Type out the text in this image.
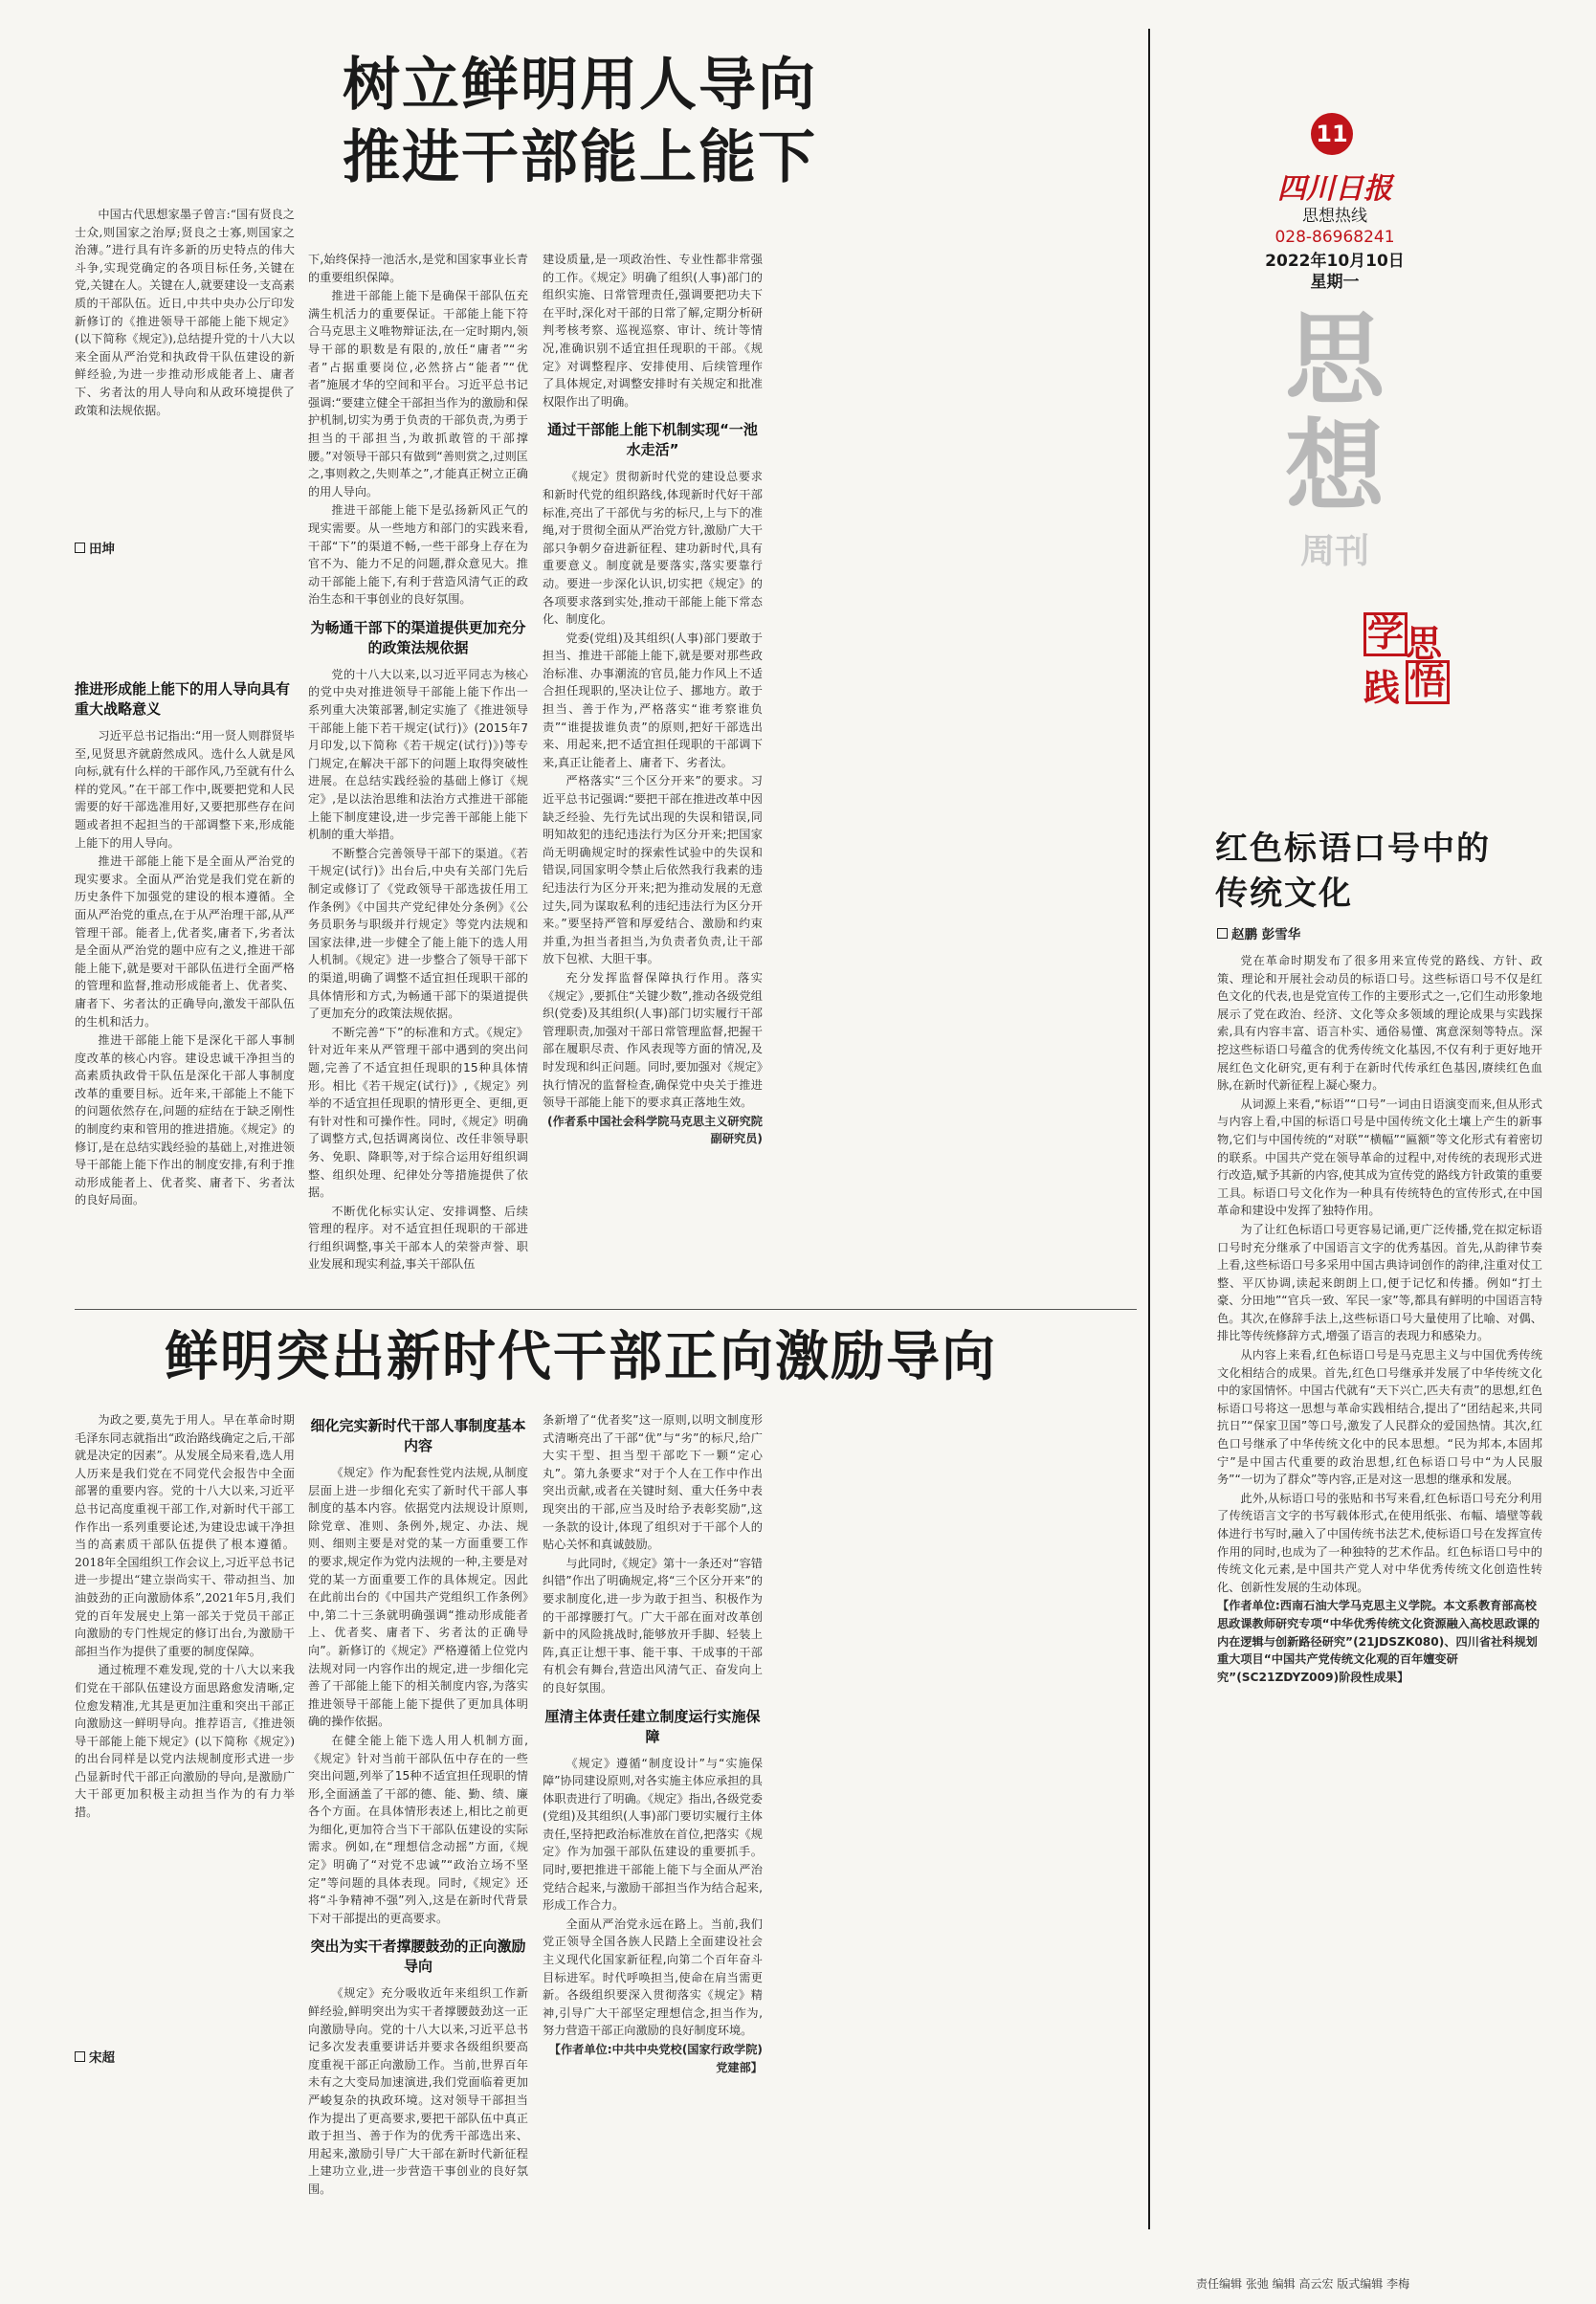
树立鲜明用人导向
推进干部能上能下

中国古代思想家墨子曾言:“国有贤良之士众,则国家之治厚;贤良之士寡,则国家之治薄。”进行具有许多新的历史特点的伟大斗争,实现党确定的各项目标任务,关键在党,关键在人。关键在人,就要建设一支高素质的干部队伍。近日,中共中央办公厅印发新修订的《推进领导干部能上能下规定》(以下简称《规定》),总结提升党的十八大以来全面从严治党和执政骨干队伍建设的新鲜经验,为进一步推动形成能者上、庸者下、劣者汰的用人导向和从政环境提供了政策和法规依据。

田坤
推进形成能上能下的用人导向具有重大战略意义

习近平总书记指出:“用一贤人则群贤毕至,见贤思齐就蔚然成风。选什么人就是风向标,就有什么样的干部作风,乃至就有什么样的党风。”在干部工作中,既要把党和人民需要的好干部选准用好,又要把那些存在问题或者担不起担当的干部调整下来,形成能上能下的用人导向。

推进干部能上能下是全面从严治党的现实要求。全面从严治党是我们党在新的历史条件下加强党的建设的根本遵循。全面从严治党的重点,在于从严治理干部,从严管理干部。能者上,优者奖,庸者下,劣者汰是全面从严治党的题中应有之义,推进干部能上能下,就是要对干部队伍进行全面严格的管理和监督,推动形成能者上、优者奖、庸者下、劣者汰的正确导向,激发干部队伍的生机和活力。

推进干部能上能下是深化干部人事制度改革的核心内容。建设忠诚干净担当的高素质执政骨干队伍是深化干部人事制度改革的重要目标。近年来,干部能上不能下的问题依然存在,问题的症结在于缺乏刚性的制度约束和管用的推进措施。《规定》的修订,是在总结实践经验的基础上,对推进领导干部能上能下作出的制度安排,有利于推动形成能者上、优者奖、庸者下、劣者汰的良好局面。

下,始终保持一池活水,是党和国家事业长青的重要组织保障。

推进干部能上能下是确保干部队伍充满生机活力的重要保证。干部能上能下符合马克思主义唯物辩证法,在一定时期内,领导干部的职数是有限的,放任“庸者”“劣者”占据重要岗位,必然挤占“能者”“优者”施展才华的空间和平台。习近平总书记强调:“要建立健全干部担当作为的激励和保护机制,切实为勇于负责的干部负责,为勇于担当的干部担当,为敢抓敢管的干部撑腰。”对领导干部只有做到“善则赏之,过则匡之,事则救之,失则革之”,才能真正树立正确的用人导向。

推进干部能上能下是弘扬新风正气的现实需要。从一些地方和部门的实践来看,干部“下”的渠道不畅,一些干部身上存在为官不为、能力不足的问题,群众意见大。推动干部能上能下,有利于营造风清气正的政治生态和干事创业的良好氛围。

为畅通干部下的渠道提供更加充分的政策法规依据

党的十八大以来,以习近平同志为核心的党中央对推进领导干部能上能下作出一系列重大决策部署,制定实施了《推进领导干部能上能下若干规定(试行)》(2015年7月印发,以下简称《若干规定(试行)》)等专门规定,在解决干部下的问题上取得突破性进展。在总结实践经验的基础上修订《规定》,是以法治思维和法治方式推进干部能上能下制度建设,进一步完善干部能上能下机制的重大举措。

不断整合完善领导干部下的渠道。《若干规定(试行)》出台后,中央有关部门先后制定或修订了《党政领导干部选拔任用工作条例》《中国共产党纪律处分条例》《公务员职务与职级并行规定》等党内法规和国家法律,进一步健全了能上能下的选人用人机制。《规定》进一步整合了领导干部下的渠道,明确了调整不适宜担任现职干部的具体情形和方式,为畅通干部下的渠道提供了更加充分的政策法规依据。

不断完善“下”的标准和方式。《规定》针对近年来从严管理干部中遇到的突出问题,完善了不适宜担任现职的15种具体情形。相比《若干规定(试行)》,《规定》列举的不适宜担任现职的情形更全、更细,更有针对性和可操作性。同时,《规定》明确了调整方式,包括调离岗位、改任非领导职务、免职、降职等,对于综合运用好组织调整、组织处理、纪律处分等措施提供了依据。

不断优化标实认定、安排调整、后续管理的程序。对不适宜担任现职的干部进行组织调整,事关干部本人的荣誉声誉、职业发展和现实利益,事关干部队伍

建设质量,是一项政治性、专业性都非常强的工作。《规定》明确了组织(人事)部门的组织实施、日常管理责任,强调要把功夫下在平时,深化对干部的日常了解,定期分析研判考核考察、巡视巡察、审计、统计等情况,准确识别不适宜担任现职的干部。《规定》对调整程序、安排使用、后续管理作了具体规定,对调整安排时有关规定和批准权限作出了明确。

通过干部能上能下机制实现“一池水走活”

《规定》贯彻新时代党的建设总要求和新时代党的组织路线,体现新时代好干部标准,亮出了干部优与劣的标尺,上与下的准绳,对于贯彻全面从严治党方针,激励广大干部只争朝夕奋进新征程、建功新时代,具有重要意义。制度就是要落实,落实要靠行动。要进一步深化认识,切实把《规定》的各项要求落到实处,推动干部能上能下常态化、制度化。

党委(党组)及其组织(人事)部门要敢于担当、推进干部能上能下,就是要对那些政治标准、办事潮流的官员,能力作风上不适合担任现职的,坚决让位子、挪地方。敢于担当、善于作为,严格落实“谁考察谁负责”“谁提拔谁负责”的原则,把好干部选出来、用起来,把不适宜担任现职的干部调下来,真正让能者上、庸者下、劣者汰。

严格落实“三个区分开来”的要求。习近平总书记强调:“要把干部在推进改革中因缺乏经验、先行先试出现的失误和错误,同明知故犯的违纪违法行为区分开来;把国家尚无明确规定时的探索性试验中的失误和错误,同国家明令禁止后依然我行我素的违纪违法行为区分开来;把为推动发展的无意过失,同为谋取私利的违纪违法行为区分开来。”要坚持严管和厚爱结合、激励和约束并重,为担当者担当,为负责者负责,让干部放下包袱、大胆干事。

充分发挥监督保障执行作用。落实《规定》,要抓住“关键少数”,推动各级党组织(党委)及其组织(人事)部门切实履行干部管理职责,加强对干部日常管理监督,把握干部在履职尽责、作风表现等方面的情况,及时发现和纠正问题。同时,要加强对《规定》执行情况的监督检查,确保党中央关于推进领导干部能上能下的要求真正落地生效。

(作者系中国社会科学院马克思主义研究院副研究员)

鲜明突出新时代干部正向激励导向

为政之要,莫先于用人。早在革命时期毛泽东同志就指出“政治路线确定之后,干部就是决定的因素”。从发展全局来看,选人用人历来是我们党在不同党代会报告中全面部署的重要内容。党的十八大以来,习近平总书记高度重视干部工作,对新时代干部工作作出一系列重要论述,为建设忠诚干净担当的高素质干部队伍提供了根本遵循。2018年全国组织工作会议上,习近平总书记进一步提出“建立崇尚实干、带动担当、加油鼓劲的正向激励体系”,2021年5月,我们党的百年发展史上第一部关于党员干部正向激励的专门性规定的修订出台,为激励干部担当作为提供了重要的制度保障。

通过梳理不难发现,党的十八大以来我们党在干部队伍建设方面思路愈发清晰,定位愈发精准,尤其是更加注重和突出干部正向激励这一鲜明导向。推荐语言,《推进领导干部能上能下规定》(以下简称《规定》)的出台同样是以党内法规制度形式进一步凸显新时代干部正向激励的导向,是激励广大干部更加积极主动担当作为的有力举措。

宋超
细化完实新时代干部人事制度基本内容

《规定》作为配套性党内法规,从制度层面上进一步细化充实了新时代干部人事制度的基本内容。依据党内法规设计原则,除党章、准则、条例外,规定、办法、规则、细则主要是对党的某一方面重要工作的要求,规定作为党内法规的一种,主要是对党的某一方面重要工作的具体规定。因此在此前出台的《中国共产党组织工作条例》中,第二十三条就明确强调“推动形成能者上、优者奖、庸者下、劣者汰的正确导向”。新修订的《规定》严格遵循上位党内法规对同一内容作出的规定,进一步细化完善了干部能上能下的相关制度内容,为落实推进领导干部能上能下提供了更加具体明确的操作依据。

在健全能上能下选人用人机制方面,《规定》针对当前干部队伍中存在的一些突出问题,列举了15种不适宜担任现职的情形,全面涵盖了干部的德、能、勤、绩、廉各个方面。在具体情形表述上,相比之前更为细化,更加符合当下干部队伍建设的实际需求。例如,在“理想信念动摇”方面,《规定》明确了“对党不忠诚”“政治立场不坚定”等问题的具体表现。同时,《规定》还将“斗争精神不强”列入,这是在新时代背景下对干部提出的更高要求。

突出为实干者撑腰鼓劲的正向激励导向

《规定》充分吸收近年来组织工作新鲜经验,鲜明突出为实干者撑腰鼓劲这一正向激励导向。党的十八大以来,习近平总书记多次发表重要讲话并要求各级组织要高度重视干部正向激励工作。当前,世界百年未有之大变局加速演进,我们党面临着更加严峻复杂的执政环境。这对领导干部担当作为提出了更高要求,要把干部队伍中真正敢于担当、善于作为的优秀干部选出来、用起来,激励引导广大干部在新时代新征程上建功立业,进一步营造干事创业的良好氛围。

条新增了“优者奖”这一原则,以明文制度形式清晰亮出了干部“优”与“劣”的标尺,给广大实干型、担当型干部吃下一颗“定心丸”。第九条要求“对于个人在工作中作出突出贡献,或者在关键时刻、重大任务中表现突出的干部,应当及时给予表彰奖励”,这一条款的设计,体现了组织对于干部个人的贴心关怀和真诚鼓励。

与此同时,《规定》第十一条还对“容错纠错”作出了明确规定,将“三个区分开来”的要求制度化,进一步为敢于担当、积极作为的干部撑腰打气。广大干部在面对改革创新中的风险挑战时,能够放开手脚、轻装上阵,真正让想干事、能干事、干成事的干部有机会有舞台,营造出风清气正、奋发向上的良好氛围。

厘清主体责任建立制度运行实施保障

《规定》遵循“制度设计”与“实施保障”协同建设原则,对各实施主体应承担的具体职责进行了明确。《规定》指出,各级党委(党组)及其组织(人事)部门要切实履行主体责任,坚持把政治标准放在首位,把落实《规定》作为加强干部队伍建设的重要抓手。同时,要把推进干部能上能下与全面从严治党结合起来,与激励干部担当作为结合起来,形成工作合力。

全面从严治党永远在路上。当前,我们党正领导全国各族人民踏上全面建设社会主义现代化国家新征程,向第二个百年奋斗目标进军。时代呼唤担当,使命在肩当需更新。各级组织要深入贯彻落实《规定》精神,引导广大干部坚定理想信念,担当作为,努力营造干部正向激励的良好制度环境。

【作者单位:中共中央党校(国家行政学院)党建部】

11
四川日报
思想热线
028-86968241
2022年10月10日
星期一
思想
周刊
思
学
践 悟
红色标语口号中的
传统文化
赵鹏 彭雪华

党在革命时期发布了很多用来宣传党的路线、方针、政策、理论和开展社会动员的标语口号。这些标语口号不仅是红色文化的代表,也是党宣传工作的主要形式之一,它们生动形象地展示了党在政治、经济、文化等众多领域的理论成果与实践探索,具有内容丰富、语言朴实、通俗易懂、寓意深刻等特点。深挖这些标语口号蕴含的优秀传统文化基因,不仅有利于更好地开展红色文化研究,更有利于在新时代传承红色基因,赓续红色血脉,在新时代新征程上凝心聚力。

从词源上来看,“标语”“口号”一词由日语演变而来,但从形式与内容上看,中国的标语口号是中国传统文化土壤上产生的新事物,它们与中国传统的“对联”“横幅”“匾额”等文化形式有着密切的联系。中国共产党在领导革命的过程中,对传统的表现形式进行改造,赋予其新的内容,使其成为宣传党的路线方针政策的重要工具。标语口号文化作为一种具有传统特色的宣传形式,在中国革命和建设中发挥了独特作用。

为了让红色标语口号更容易记诵,更广泛传播,党在拟定标语口号时充分继承了中国语言文字的优秀基因。首先,从韵律节奏上看,这些标语口号多采用中国古典诗词创作的韵律,注重对仗工整、平仄协调,读起来朗朗上口,便于记忆和传播。例如“打土豪、分田地”“官兵一致、军民一家”等,都具有鲜明的中国语言特色。其次,在修辞手法上,这些标语口号大量使用了比喻、对偶、排比等传统修辞方式,增强了语言的表现力和感染力。

从内容上来看,红色标语口号是马克思主义与中国优秀传统文化相结合的成果。首先,红色口号继承并发展了中华传统文化中的家国情怀。中国古代就有“天下兴亡,匹夫有责”的思想,红色标语口号将这一思想与革命实践相结合,提出了“团结起来,共同抗日”“保家卫国”等口号,激发了人民群众的爱国热情。其次,红色口号继承了中华传统文化中的民本思想。“民为邦本,本固邦宁”是中国古代重要的政治思想,红色标语口号中“为人民服务”“一切为了群众”等内容,正是对这一思想的继承和发展。

此外,从标语口号的张贴和书写来看,红色标语口号充分利用了传统语言文字的书写载体形式,在使用纸张、布幅、墙壁等载体进行书写时,融入了中国传统书法艺术,使标语口号在发挥宣传作用的同时,也成为了一种独特的艺术作品。红色标语口号中的传统文化元素,是中国共产党人对中华优秀传统文化创造性转化、创新性发展的生动体现。

【作者单位:西南石油大学马克思主义学院。本文系教育部高校思政课教师研究专项“中华优秀传统文化资源融入高校思政课的内在逻辑与创新路径研究”(21JDSZK080)、四川省社科规划重大项目“中国共产党传统文化观的百年嬗变研究”(SC21ZDYZ009)阶段性成果】

责任编辑 张弛 编辑 高云宏 版式编辑 李梅
